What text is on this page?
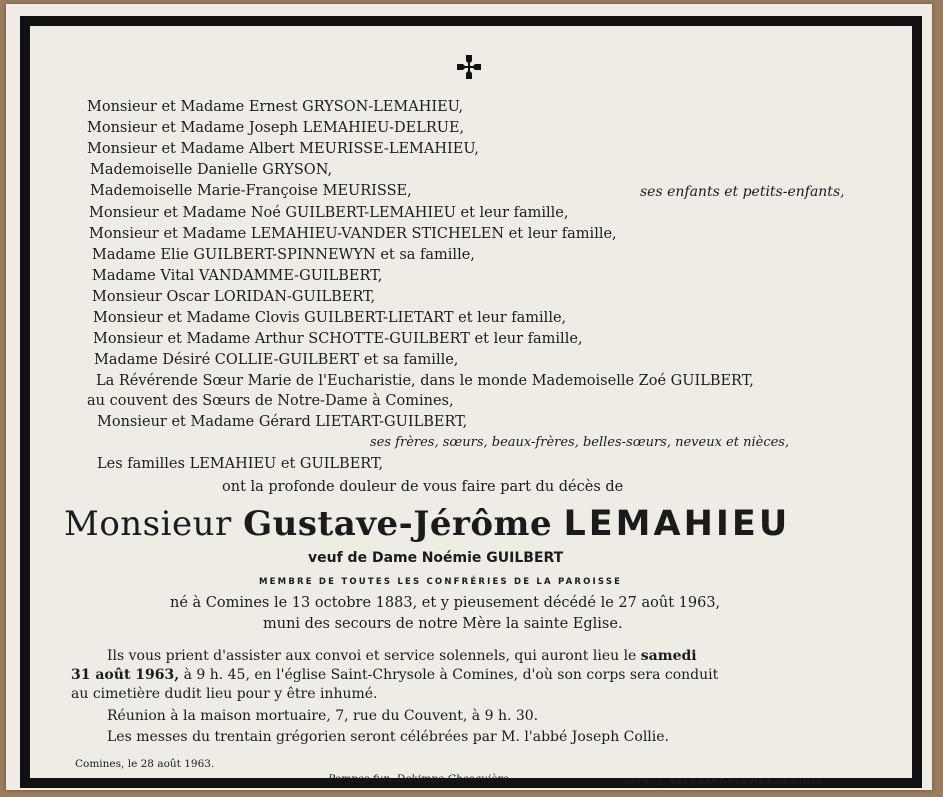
Monsieur et Madame Ernest GRYSON-LEMAHIEU,
Monsieur et Madame Joseph LEMAHIEU-DELRUE,
Monsieur et Madame Albert MEURISSE-LEMAHIEU,
Mademoiselle Danielle GRYSON,
Mademoiselle Marie-Françoise MEURISSE,	ses enfants et petits-enfants,
Monsieur et Madame Noé GUILBERT-LEMAHIEU et leur famille,
Monsieur et Madame LEMAHIEU-VANDER STICHELEN et leur famille,
Madame Elie GUILBERT-SPINNEWYN et sa famille,
Madame Vital VANDAMME-GUILBERT,
Monsieur Oscar LORIDAN-GUILBERT,
Monsieur et Madame Clovis GUILBERT-LIETART et leur famille,
Monsieur et Madame Arthur SCHOTTE-GUILBERT et leur famille,
Madame Désiré COLLIE-GUILBERT et sa famille,
La Révérende Sœur Marie de l'Eucharistie, dans le monde Mademoiselle Zoé GUILBERT,
au couvent des Sœurs de Notre-Dame à Comines,
Monsieur et Madame Gérard LIETART-GUILBERT,
ses frères, sœurs, beaux-frères, belles-sœurs, neveux et nièces,
Les familles LEMAHIEU et GUILBERT,
ont la profonde douleur de vous faire part du décès de
Monsieur Gustave-Jérôme LEMAHIEU
veuf de Dame Noémie GUILBERT
MEMBRE DE TOUTES LES CONFRÉRIES DE LA PAROISSE
né à Comines le 13 octobre 1883, et y pieusement décédé le 27 août 1963,
muni des secours de notre Mère la sainte Eglise.
Ils vous prient d'assister aux convoi et service solennels, qui auront lieu le samedi
31 août 1963, à 9 h. 45, en l'église Saint-Chrysole à Comines, d'où son corps sera conduit
au cimetière dudit lieu pour y être inhumé.
Réunion à la maison mortuaire, 7, rue du Couvent, à 9 h. 30.
Les messes du trentain grégorien seront célébrées par M. l'abbé Joseph Collie.
Comines, le 28 août 1963.
Pompes fun. Dekimpe-Ghesquière.	IMPR. J. BECQUART-PLOVIER-COMINES
